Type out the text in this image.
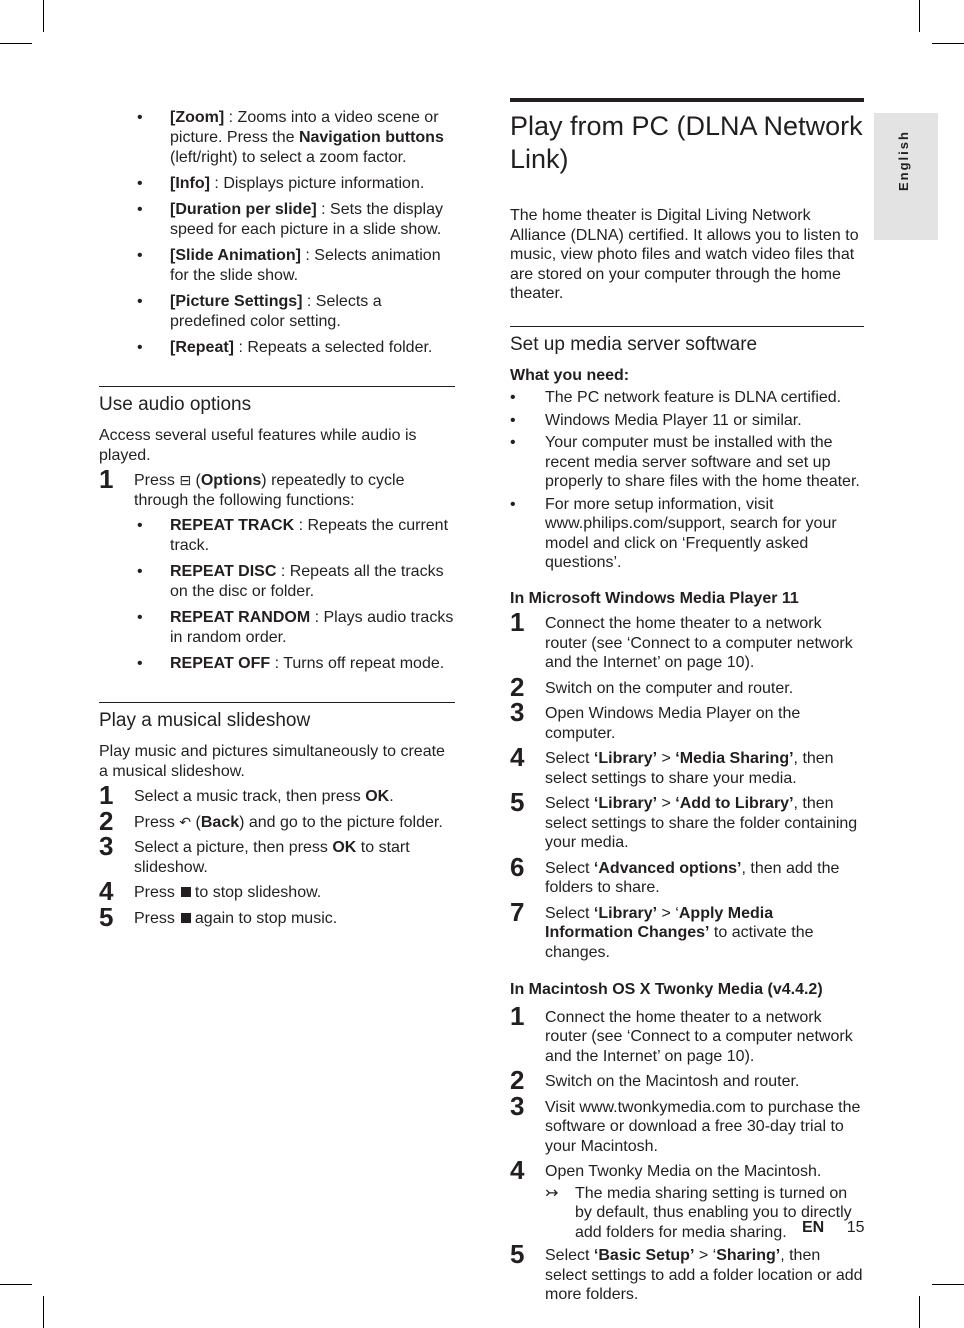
English
• [Zoom] : Zooms into a video scene or picture. Press the Navigation buttons (left/right) to select a zoom factor.
• [Info] : Displays picture information.
• [Duration per slide] : Sets the display speed for each picture in a slide show.
• [Slide Animation] : Selects animation for the slide show.
• [Picture Settings] : Selects a predefined color setting.
• [Repeat] : Repeats a selected folder.
Use audio options

Access several useful features while audio is played.

1 Press ⊟ (Options) repeatedly to cycle through the following functions:
• REPEAT TRACK : Repeats the current track.
• REPEAT DISC : Repeats all the tracks on the disc or folder.
• REPEAT RANDOM : Plays audio tracks in random order.
• REPEAT OFF : Turns off repeat mode.
Play a musical slideshow

Play music and pictures simultaneously to create a musical slideshow.

1 Select a music track, then press OK.
2 Press ↶ (Back) and go to the picture folder.
3 Select a picture, then press OK to start slideshow.
4 Press to stop slideshow.
5 Press again to stop music.
Play from PC (DLNA Network Link)

The home theater is Digital Living Network Alliance (DLNA) certified. It allows you to listen to music, view photo files and watch video files that are stored on your computer through the home theater.

Set up media server software

What you need:

• The PC network feature is DLNA certified.
• Windows Media Player 11 or similar.
• Your computer must be installed with the recent media server software and set up properly to share files with the home theater.
• For more setup information, visit www.philips.com/support, search for your model and click on ‘Frequently asked questions’.

In Microsoft Windows Media Player 11

1 Connect the home theater to a network router (see ‘Connect to a computer network and the Internet’ on page 10).
2 Switch on the computer and router.
3 Open Windows Media Player on the computer.
4 Select ‘Library’ > ‘Media Sharing’, then select settings to share your media.
5 Select ‘Library’ > ‘Add to Library’, then select settings to share the folder containing your media.
6 Select ‘Advanced options’, then add the folders to share.
7 Select ‘Library’ > ‘Apply Media Information Changes’ to activate the changes.

In Macintosh OS X Twonky Media (v4.4.2)

1 Connect the home theater to a network router (see ‘Connect to a computer network and the Internet’ on page 10).
2 Switch on the Macintosh and router.
3 Visit www.twonkymedia.com to purchase the software or download a free 30-day trial to your Macintosh.
4 Open Twonky Media on the Macintosh.
↣ The media sharing setting is turned on by default, thus enabling you to directly add folders for media sharing.
5 Select ‘Basic Setup’ > ‘Sharing’, then select settings to add a folder location or add more folders.
EN 15
